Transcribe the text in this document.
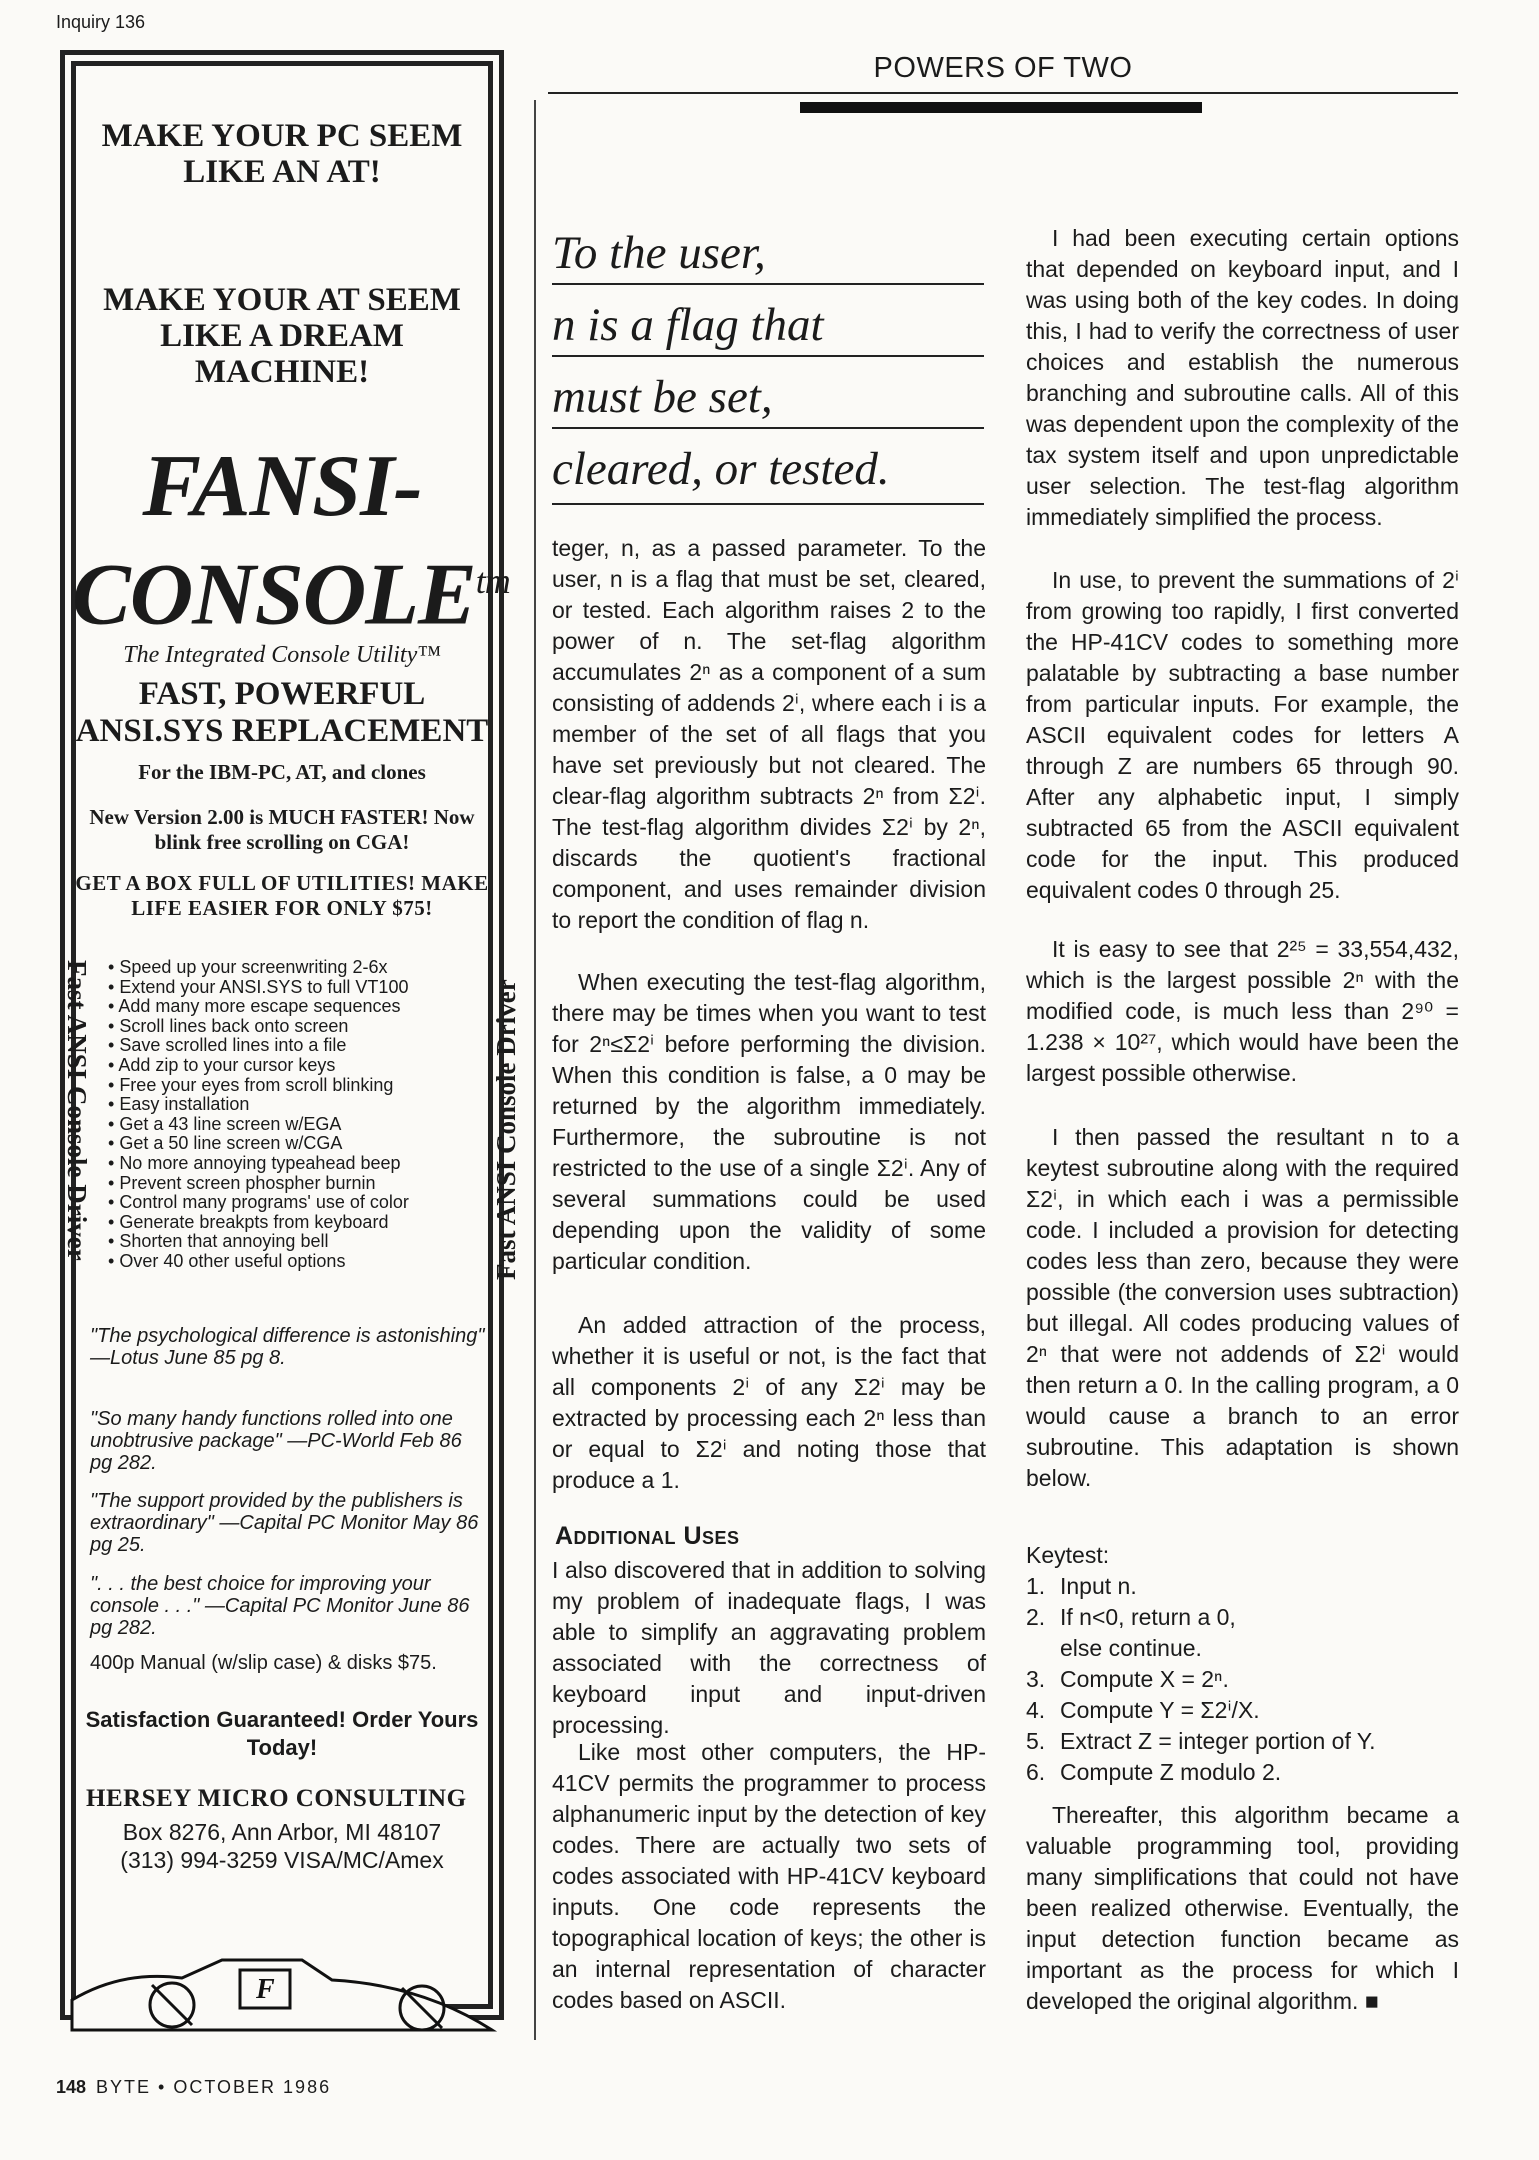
Inquiry 136
POWERS OF TWO
MAKE YOUR PC SEEM LIKE AN AT!
MAKE YOUR AT SEEM LIKE A DREAM MACHINE!
FANSI-
$CONSOLE^{tm}$
The Integrated Console Utility™
FAST, POWERFUL ANSI.SYS REPLACEMENT
For the IBM-PC, AT, and clones
New Version 2.00 is MUCH FASTER! Now blink free scrolling on CGA!
GET A BOX FULL OF UTILITIES! MAKE LIFE EASIER FOR ONLY $75!
Fast ANSI Console Driver	Fast ANSI Console Driver
• Speed up your screenwriting 2-6x
• Extend your ANSI.SYS to full VT100
• Add many more escape sequences
• Scroll lines back onto screen
• Save scrolled lines into a file
• Add zip to your cursor keys
• Free your eyes from scroll blinking
• Easy installation
• Get a 43 line screen w/EGA
• Get a 50 line screen w/CGA
• No more annoying typeahead beep
• Prevent screen phospher burnin
• Control many programs' use of color
• Generate breakpts from keyboard
• Shorten that annoying bell
• Over 40 other useful options
"The psychological difference is astonishing" —Lotus June 85 pg 8.
"So many handy functions rolled into one unobtrusive package" —PC-World Feb 86 pg 282.
"The support provided by the publishers is extraordinary" —Capital PC Monitor May 86 pg 25.
". . . the best choice for improving your console . . ." —Capital PC Monitor June 86 pg 282.
400p Manual (w/slip case) & disks $75.
Satisfaction Guaranteed! Order Yours Today!
HERSEY MICRO CONSULTING
Box 8276, Ann Arbor, MI 48107
(313) 994-3259 VISA/MC/Amex
F
To the user,
n is a flag that
must be set,
cleared, or tested.

teger, n, as a passed parameter. To the user, n is a flag that must be set, cleared, or tested. Each algorithm raises 2 to the power of n. The set-flag algorithm accumulates 2ⁿ as a component of a sum consisting of addends 2ⁱ, where each i is a member of the set of all flags that you have set previously but not cleared. The clear-flag algorithm subtracts 2ⁿ from Σ2ⁱ. The test-flag algorithm divides Σ2ⁱ by 2ⁿ, discards the quotient's fractional component, and uses remainder division to report the condition of flag n.

When executing the test-flag algorithm, there may be times when you want to test for 2ⁿ≤Σ2ⁱ before performing the division. When this condition is false, a 0 may be returned by the algorithm immediately. Furthermore, the subroutine is not restricted to the use of a single Σ2ⁱ. Any of several summations could be used depending upon the validity of some particular condition.

An added attraction of the process, whether it is useful or not, is the fact that all components 2ⁱ of any Σ2ⁱ may be extracted by processing each 2ⁿ less than or equal to Σ2ⁱ and noting those that produce a 1.

Additional Uses

I also discovered that in addition to solving my problem of inadequate flags, I was able to simplify an aggravating problem associated with the correctness of keyboard input and input-driven processing.

Like most other computers, the HP-41CV permits the programmer to process alphanumeric input by the detection of key codes. There are actually two sets of codes associated with HP-41CV keyboard inputs. One code represents the topographical location of keys; the other is an internal representation of character codes based on ASCII.

I had been executing certain options that depended on keyboard input, and I was using both of the key codes. In doing this, I had to verify the correctness of user choices and establish the numerous branching and subroutine calls. All of this was dependent upon the complexity of the tax system itself and upon unpredictable user selection. The test-flag algorithm immediately simplified the process.

In use, to prevent the summations of 2ⁱ from growing too rapidly, I first converted the HP-41CV codes to something more palatable by subtracting a base number from particular inputs. For example, the ASCII equivalent codes for letters A through Z are numbers 65 through 90. After any alphabetic input, I simply subtracted 65 from the ASCII equivalent code for the input. This produced equivalent codes 0 through 25.

It is easy to see that 2²⁵ = 33,554,432, which is the largest possible 2ⁿ with the modified code, is much less than 2⁹⁰ = 1.238 × 10²⁷, which would have been the largest possible otherwise.

I then passed the resultant n to a keytest subroutine along with the required Σ2ⁱ, in which each i was a permissible code. I included a provision for detecting codes less than zero, because they were possible (the conversion uses subtraction) but illegal. All codes producing values of 2ⁿ that were not addends of Σ2ⁱ would then return a 0. In the calling program, a 0 would cause a branch to an error subroutine. This adaptation is shown below.

Keytest:
1. Input n.
2. If n<0, return a 0,
else continue.
3. Compute X = 2ⁿ.
4. Compute Y = Σ2ⁱ/X.
5. Extract Z = integer portion of Y.
6. Compute Z modulo 2.

Thereafter, this algorithm became a valuable programming tool, providing many simplifications that could not have been realized otherwise. Eventually, the input detection function became as important as the process for which I developed the original algorithm. ■

148 BYTE • OCTOBER 1986
